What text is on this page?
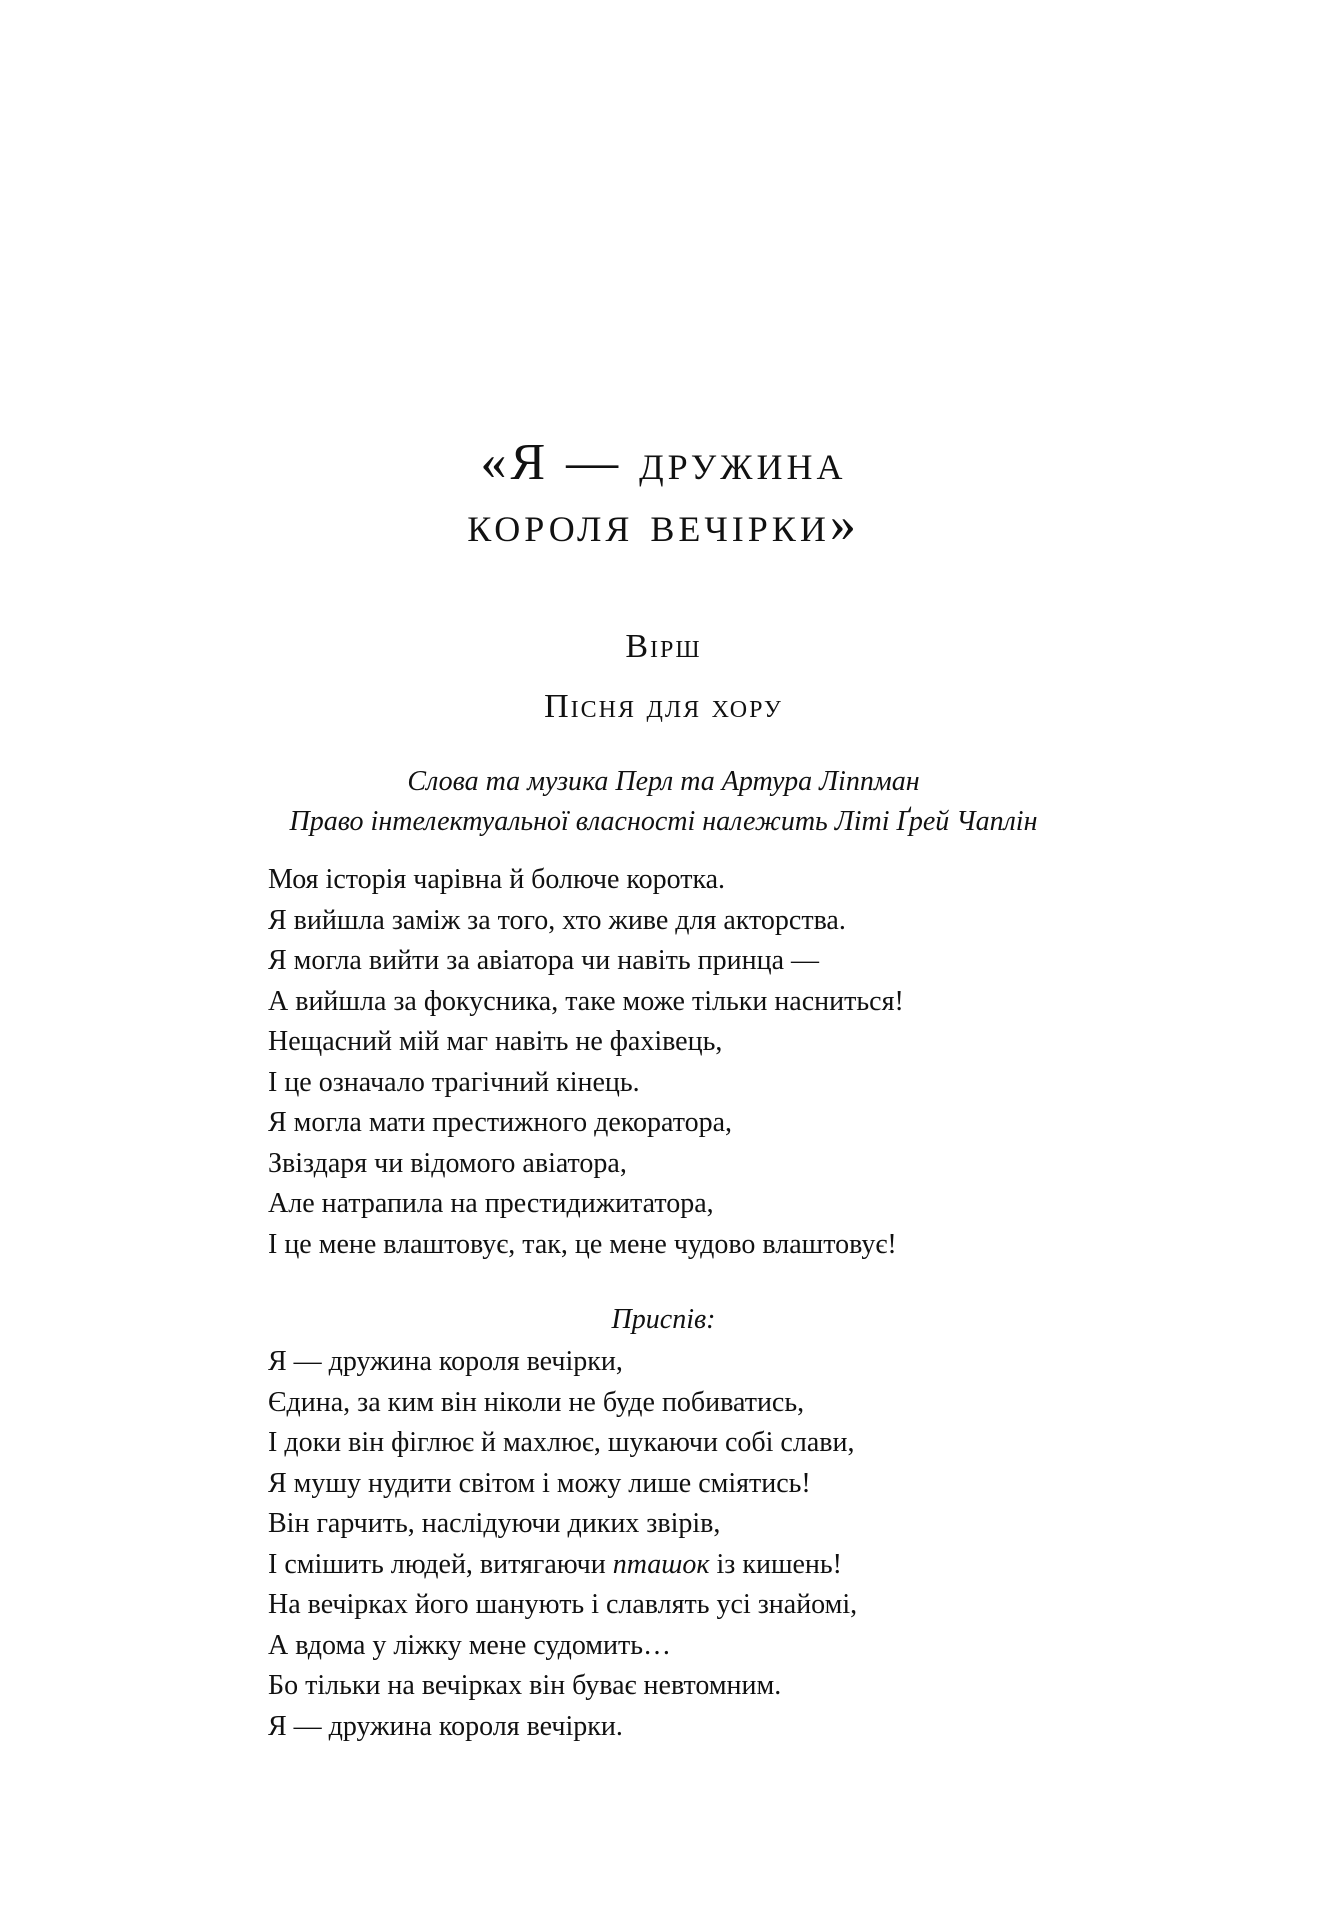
«Я — дружина
короля вечірки»
Вірш
Пісня для хору
Слова та музика Перл та Артура Ліппман
Право інтелектуальної власності належить Літі Ґрей Чаплін
Моя історія чарівна й болюче коротка.
Я вийшла заміж за того, хто живе для акторства.
Я могла вийти за авіатора чи навіть принца —
А вийшла за фокусника, таке може тільки наснитьcя!
Нещасний мій маг навіть не фахівець,
І це означало трагічний кінець.
Я могла мати престижного декоратора,
Звіздаря чи відомого авіатора,
Але натрапила на престидижитатора,
І це мене влаштовує, так, це мене чудово влаштовує!
Приспів:
Я — дружина короля вечірки,
Єдина, за ким він ніколи не буде побиватись,
І доки він фіглює й махлює, шукаючи собі слави,
Я мушу нудити світом і можу лише сміятись!
Він гарчить, наслідуючи диких звірів,
І смішить людей, витягаючи пташок із кишень!
На вечірках його шанують і славлять усі знайомі,
А вдома у ліжку мене судомить…
Бо тільки на вечірках він буває невтомним.
Я — дружина короля вечірки.
